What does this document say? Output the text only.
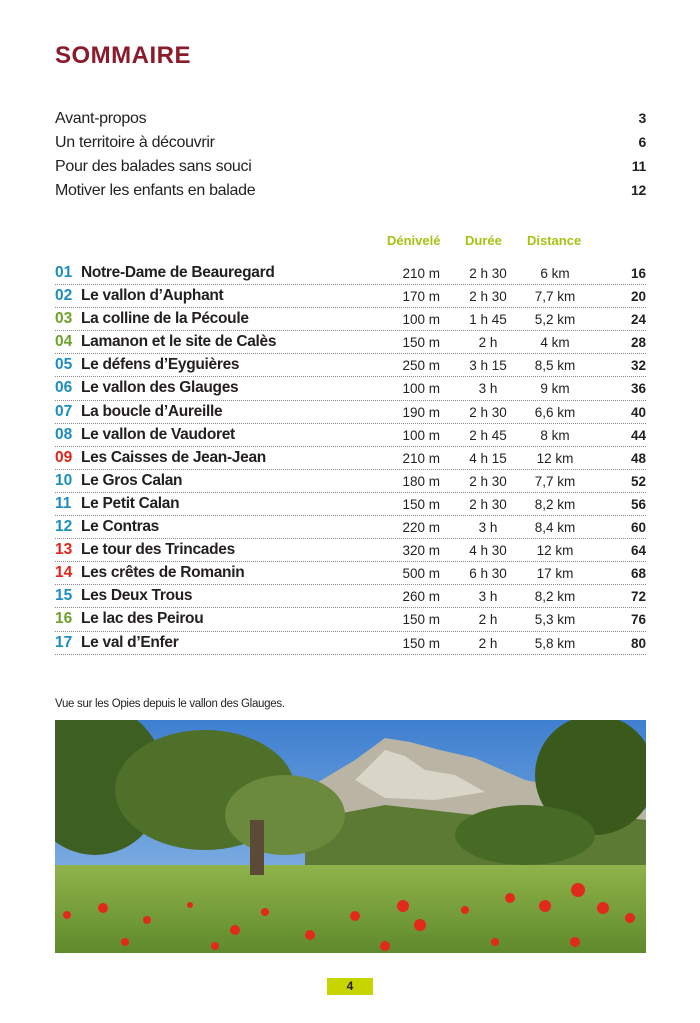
SOMMAIRE
Avant-propos	3
Un territoire à découvrir	6
Pour des balades sans souci	11
Motiver les enfants en balade	12
Dénivelé Durée Distance
01 Notre-Dame de Beauregard	210 m	2 h 30	6 km	16
02 Le vallon d’Auphant	170 m	2 h 30	7,7 km	20
03 La colline de la Pécoule	100 m	1 h 45	5,2 km	24
04 Lamanon et le site de Calès	150 m	2 h	4 km	28
05 Le défens d’Eyguières	250 m	3 h 15	8,5 km	32
06 Le vallon des Glauges	100 m	3 h	9 km	36
07 La boucle d’Aureille	190 m	2 h 30	6,6 km	40
08 Le vallon de Vaudoret	100 m	2 h 45	8 km	44
09 Les Caisses de Jean-Jean	210 m	4 h 15	12 km	48
10 Le Gros Calan	180 m	2 h 30	7,7 km	52
11 Le Petit Calan	150 m	2 h 30	8,2 km	56
12 Le Contras	220 m	3 h	8,4 km	60
13 Le tour des Trincades	320 m	4 h 30	12 km	64
14 Les crêtes de Romanin	500 m	6 h 30	17 km	68
15 Les Deux Trous	260 m	3 h	8,2 km	72
16 Le lac des Peirou	150 m	2 h	5,3 km	76
17 Le val d’Enfer	150 m	2 h	5,8 km	80
Vue sur les Opies depuis le vallon des Glauges.
4
